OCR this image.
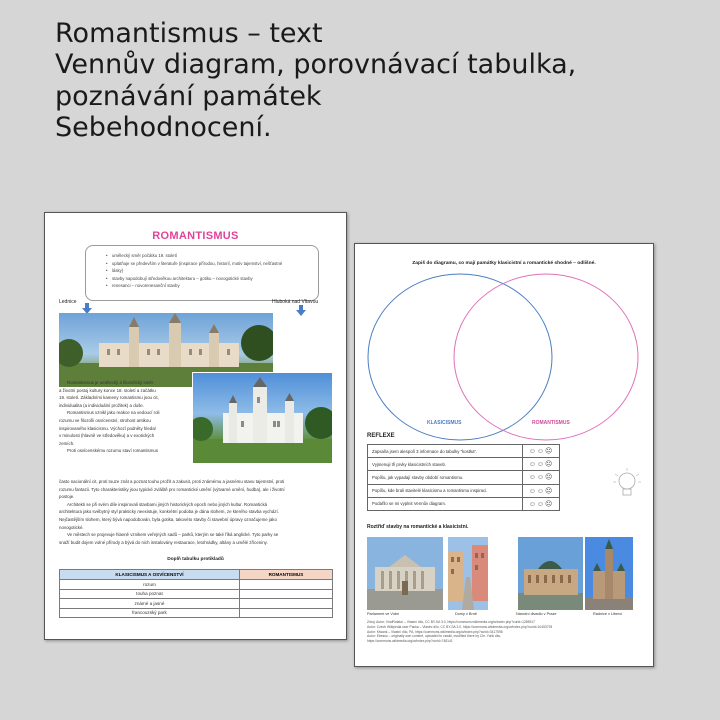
Romantismus – text
Vennův diagram, porovnávací tabulka,
poznávání památek
Sebehodnocení.
ROMANTISMUS
• umělecký směr počátku 19. století
• uplatňuje se především v literatuře (inspirace přírodou, historií, motiv tajemství, nešťastné
• lásky)
• stavby napodobují středověkou architekturu – gotiku – novogotické stavby
• renesanci – novorenesanční stavby
Lednice	Hluboká nad Vltavou
Romantismus je umělecký a filozofický směr
a životní postoj kultury konce 18. století a začátku
19. století. Základními kameny romantismu jsou cit,
individualita (a individuální prožitek) a duše.
Romantismus vznikl jako reakce na vedoucí roli
rozumu ve filozofii osvícenství, strohost antikou
inspirovaného klasicismu. Výchozí podněty hledal
v minulosti (hlavně ve středověku) a v exotických
zemích.
Proti osvícenskému rozumu staví romantismus
často nacionální cit, proti touze znát a poznat touhu prožít a zakusit, proti známému a jasnému stavu tajemství, proti
rozumu fantazii. Tyto charakteristiky jsou typické zvláště pro romantické umění (výtvarné umění, hudba), ale i životní
postoje.
Architekti se při svém díle inspirovali stavbami jiných historických epoch nebo jiných kultur. Romantická
architektura jako svébytný styl prakticky neexistuje, konkrétní podoba je dána slohem, ze kterého stavba vychází.
Nejčastějším slohem, který bývá napodobován, byla gotika, takovéto stavby či stavební úpravy označujeme jako
novogotické.
Ve městech se projevuje hlavně vznikem veřejných sadů – parků, kterým se také říká anglické. Tyto parky se
snaží budit dojem volné přírody a bývá do nich instalovány restaurace, letohrádky, altány a umělé zříceniny.
Doplň tabulku protikladů
KLASICISMUS A OSVÍCENSTVÍ	ROMANTISMUS
rozum	
touha poznat	
známé a jasné	
francouzský park	
Zapiš do diagramu, co mají památky klasicistní a romantické shodné – odlišné.
KLASICISMUS	ROMANTISMUS
REFLEXE
Zapsal/a jsem alespoň 3 informace do tabulky "kostka".	☺☺☹
Vyjmenuji tři prvky klasicistních staveb.	☺☺☹
Popíšu, jak vypadají stavby období romantismu.	☺☺☹
Popíšu, kde brali stavitelé klasicismu a romantismu inspiraci.	☺☺☹
Podařilo se mi vyplnit Vennův diagram.	☺☺☹
Roztřiď stavby na romantické a klasicistní.
Parlament ve Vídni	Domy v Brně	Národní divadlo v Praze	Radnice v Liberci
Zdroj: Autor: VindRotator – Vlastní dílo, CC BY-SA 3.0, https://commons.wikimedia.org/w/index.php?curid=1285917
Autor: Czech Wikipedia user Packa – Vlastní dílo, CC BY-SA 3.0, https://commons.wikimedia.org/w/index.php?curid=10453793
Autor: Kiwank – Vlastní dílo, PA, https://commons.wikimedia.org/w/index.php?curid=3417598
Autor: Ebesso – originally own content, uploaded to cswiki, modified there by Chr. Yorik dílo,
https://commons.wikimedia.org/w/index.php?curid=748141
